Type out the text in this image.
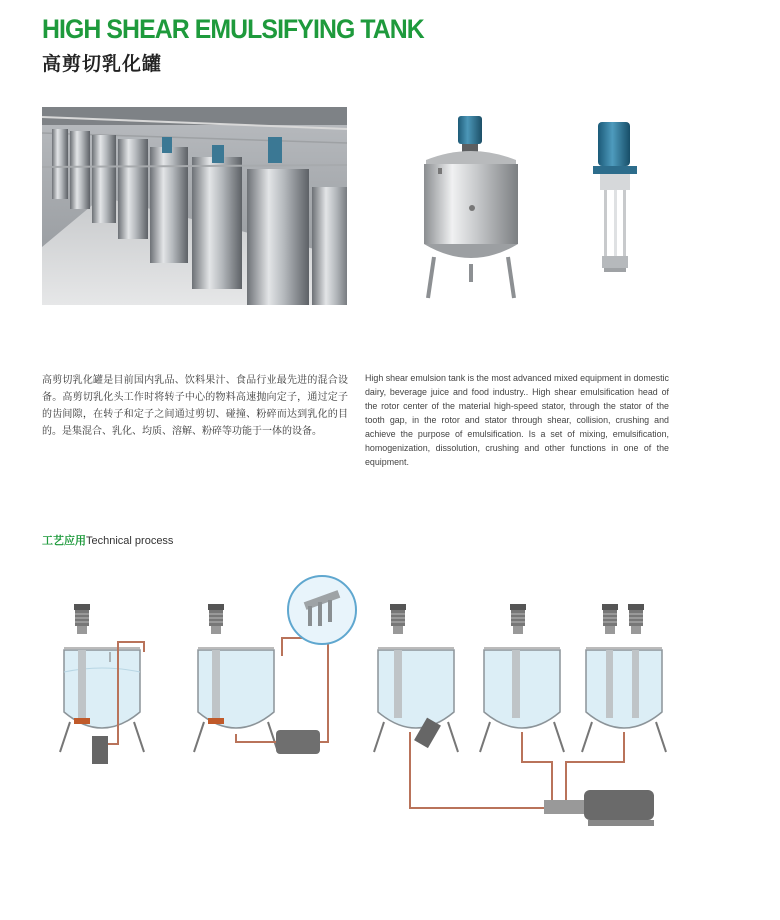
HIGH SHEAR EMULSIFYING TANK
高剪切乳化罐
高剪切乳化罐是目前国内乳品、饮料果汁、食品行业最先进的混合设备。高剪切乳化头工作时将转子中心的物料高速抛向定子，通过定子的齿间隙，在转子和定子之间通过剪切、碰撞、粉碎而达到乳化的目的。是集混合、乳化、均质、溶解、粉碎等功能于一体的设备。
High shear emulsion tank is the most advanced mixed equipment in domestic dairy, beverage juice and food industry.. High shear emulsification head of the rotor center of the material high-speed stator, through the stator of the tooth gap, in the rotor and stator through shear, collision, crushing and achieve the purpose of emulsification. Is a set of mixing, emulsification, homogenization, dissolution, crushing and other functions in one of the equipment.
工艺应用Technical process
